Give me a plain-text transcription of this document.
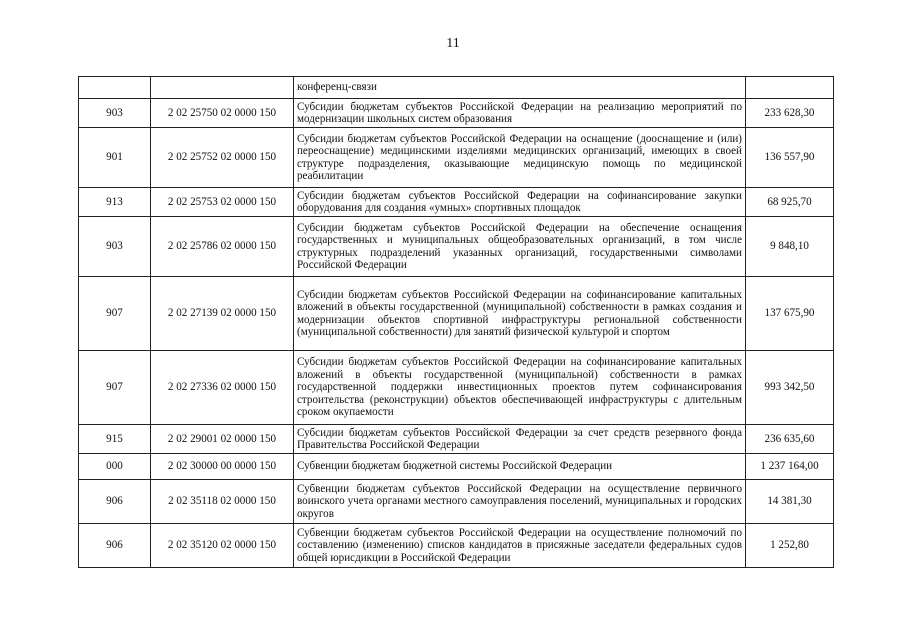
11

		конференц-связи	

903	2 02 25750 02 0000 150	Субсидии бюджетам субъектов Российской Федерации на реализацию мероприятий по модернизации школьных систем образования	233 628,30
901	2 02 25752 02 0000 150	Субсидии бюджетам субъектов Российской Федерации на оснащение (дооснащение и (или) переоснащение) медицинскими изделиями медицинских организаций, имеющих в своей структуре подразделения, оказывающие медицинскую помощь по медицинской реабилитации	136 557,90
913	2 02 25753 02 0000 150	Субсидии бюджетам субъектов Российской Федерации на софинансирование закупки оборудования для создания «умных» спортивных площадок	68 925,70
903	2 02 25786 02 0000 150	Субсидии бюджетам субъектов Российской Федерации на обеспечение оснащения государственных и муниципальных общеобразовательных организаций, в том числе структурных подразделений указанных организаций, государственными символами Российской Федерации	9 848,10
907	2 02 27139 02 0000 150	Субсидии бюджетам субъектов Российской Федерации на софинансирование капитальных вложений в объекты государственной (муниципальной) собственности в рамках создания и модернизации объектов спортивной инфраструктуры региональной собственности (муниципальной собственности) для занятий физической культурой и спортом	137 675,90
907	2 02 27336 02 0000 150	Субсидии бюджетам субъектов Российской Федерации на софинансирование капитальных вложений в объекты государственной (муниципальной) собственности в рамках государственной поддержки инвестиционных проектов путем софинансирования строительства (реконструкции) объектов обеспечивающей инфраструктуры с длительным сроком окупаемости	993 342,50
915	2 02 29001 02 0000 150	Субсидии бюджетам субъектов Российской Федерации за счет средств резервного фонда Правительства Российской Федерации	236 635,60
000	2 02 30000 00 0000 150	Субвенции бюджетам бюджетной системы Российской Федерации	1 237 164,00
906	2 02 35118 02 0000 150	Субвенции бюджетам субъектов Российской Федерации на осуществление первичного воинского учета органами местного самоуправления поселений, муниципальных и городских округов	14 381,30
906	2 02 35120 02 0000 150	Субвенции бюджетам субъектов Российской Федерации на осуществление полномочий по составлению (изменению) списков кандидатов в присяжные заседатели федеральных судов общей юрисдикции в Российской Федерации	1 252,80
